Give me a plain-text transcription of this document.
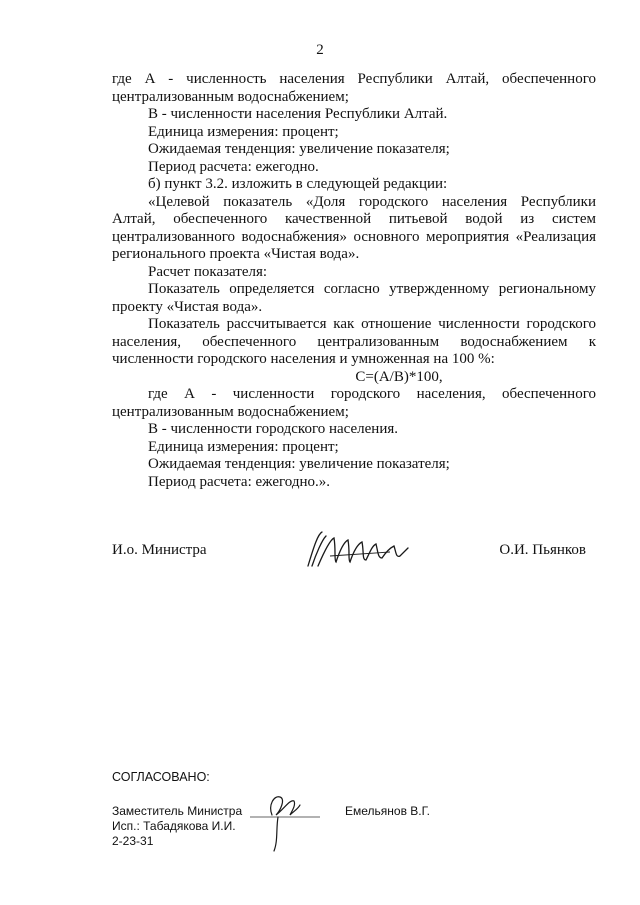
2

где А - численность населения Республики Алтай, обеспеченного

централизованным водоснабжением;

В - численности населения Республики Алтай.

Единица измерения: процент;

Ожидаемая тенденция: увеличение показателя;

Период расчета: ежегодно.

б) пункт 3.2. изложить в следующей редакции:

«Целевой показатель «Доля городского населения Республики

Алтай, обеспеченного качественной питьевой водой из систем

централизованного водоснабжения» основного мероприятия «Реализация

регионального проекта «Чистая вода».

Расчет показателя:

Показатель определяется согласно утвержденному региональному

проекту «Чистая вода».

Показатель рассчитывается как отношение численности городского

населения, обеспеченного централизованным водоснабжением к

численности городского населения и умноженная на 100 %:

С=(А/В)*100,

где А - численности городского населения, обеспеченного

централизованным водоснабжением;

В - численности городского населения.

Единица измерения: процент;

Ожидаемая тенденция: увеличение показателя;

Период расчета: ежегодно.».

И.о. Министра	О.И. Пьянков
СОГЛАСОВАНО:
Заместитель Министра
Исп.: Табадякова И.И.
2-23-31
Емельянов В.Г.
